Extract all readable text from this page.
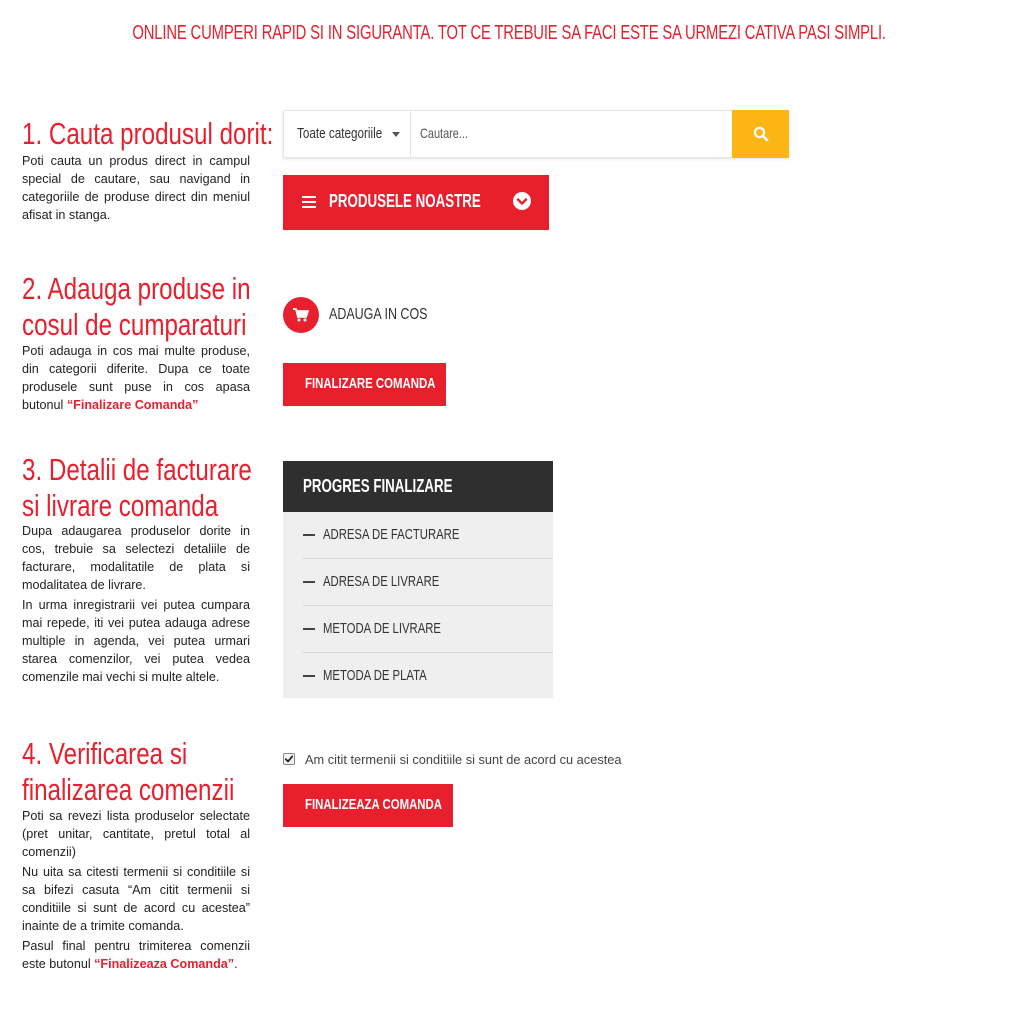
ONLINE CUMPERI RAPID SI IN SIGURANTA. TOT CE TREBUIE SA FACI ESTE SA URMEZI CATIVA PASI SIMPLI.
1. Cauta produsul dorit:

Poti cauta un produs direct in campul special de cautare, sau navigand in categoriile de produse direct din meniul afisat in stanga.

Toate categoriile	Cautare...
PRODUSELE NOASTRE
2. Adauga produse in
cosul de cumparaturi

Poti adauga in cos mai multe produse, din categorii diferite. Dupa ce toate produsele sunt puse in cos apasa butonul “Finalizare Comanda”

ADAUGA IN COS
FINALIZARE COMANDA
3. Detalii de facturare
si livrare comanda

Dupa adaugarea produselor dorite in cos, trebuie sa selectezi detaliile de facturare, modalitatile de plata si modalitatea de livrare.

In urma inregistrarii vei putea cumpara mai repede, iti vei putea adauga adrese multiple in agenda, vei putea urmari starea comenzilor, vei putea vedea comenzile mai vechi si multe altele.

PROGRES FINALIZARE
ADRESA DE FACTURARE
ADRESA DE LIVRARE
METODA DE LIVRARE
METODA DE PLATA
4. Verificarea si
finalizarea comenzii

Poti sa revezi lista produselor selectate (pret unitar, cantitate, pretul total al comenzii)

Nu uita sa citesti termenii si conditiile si sa bifezi casuta “Am citit termenii si conditiile si sunt de acord cu acestea” inainte de a trimite comanda.

Pasul final pentru trimiterea comenzii este butonul “Finalizeaza Comanda”.

Am citit termenii si conditiile si sunt de acord cu acestea
FINALIZEAZA COMANDA
